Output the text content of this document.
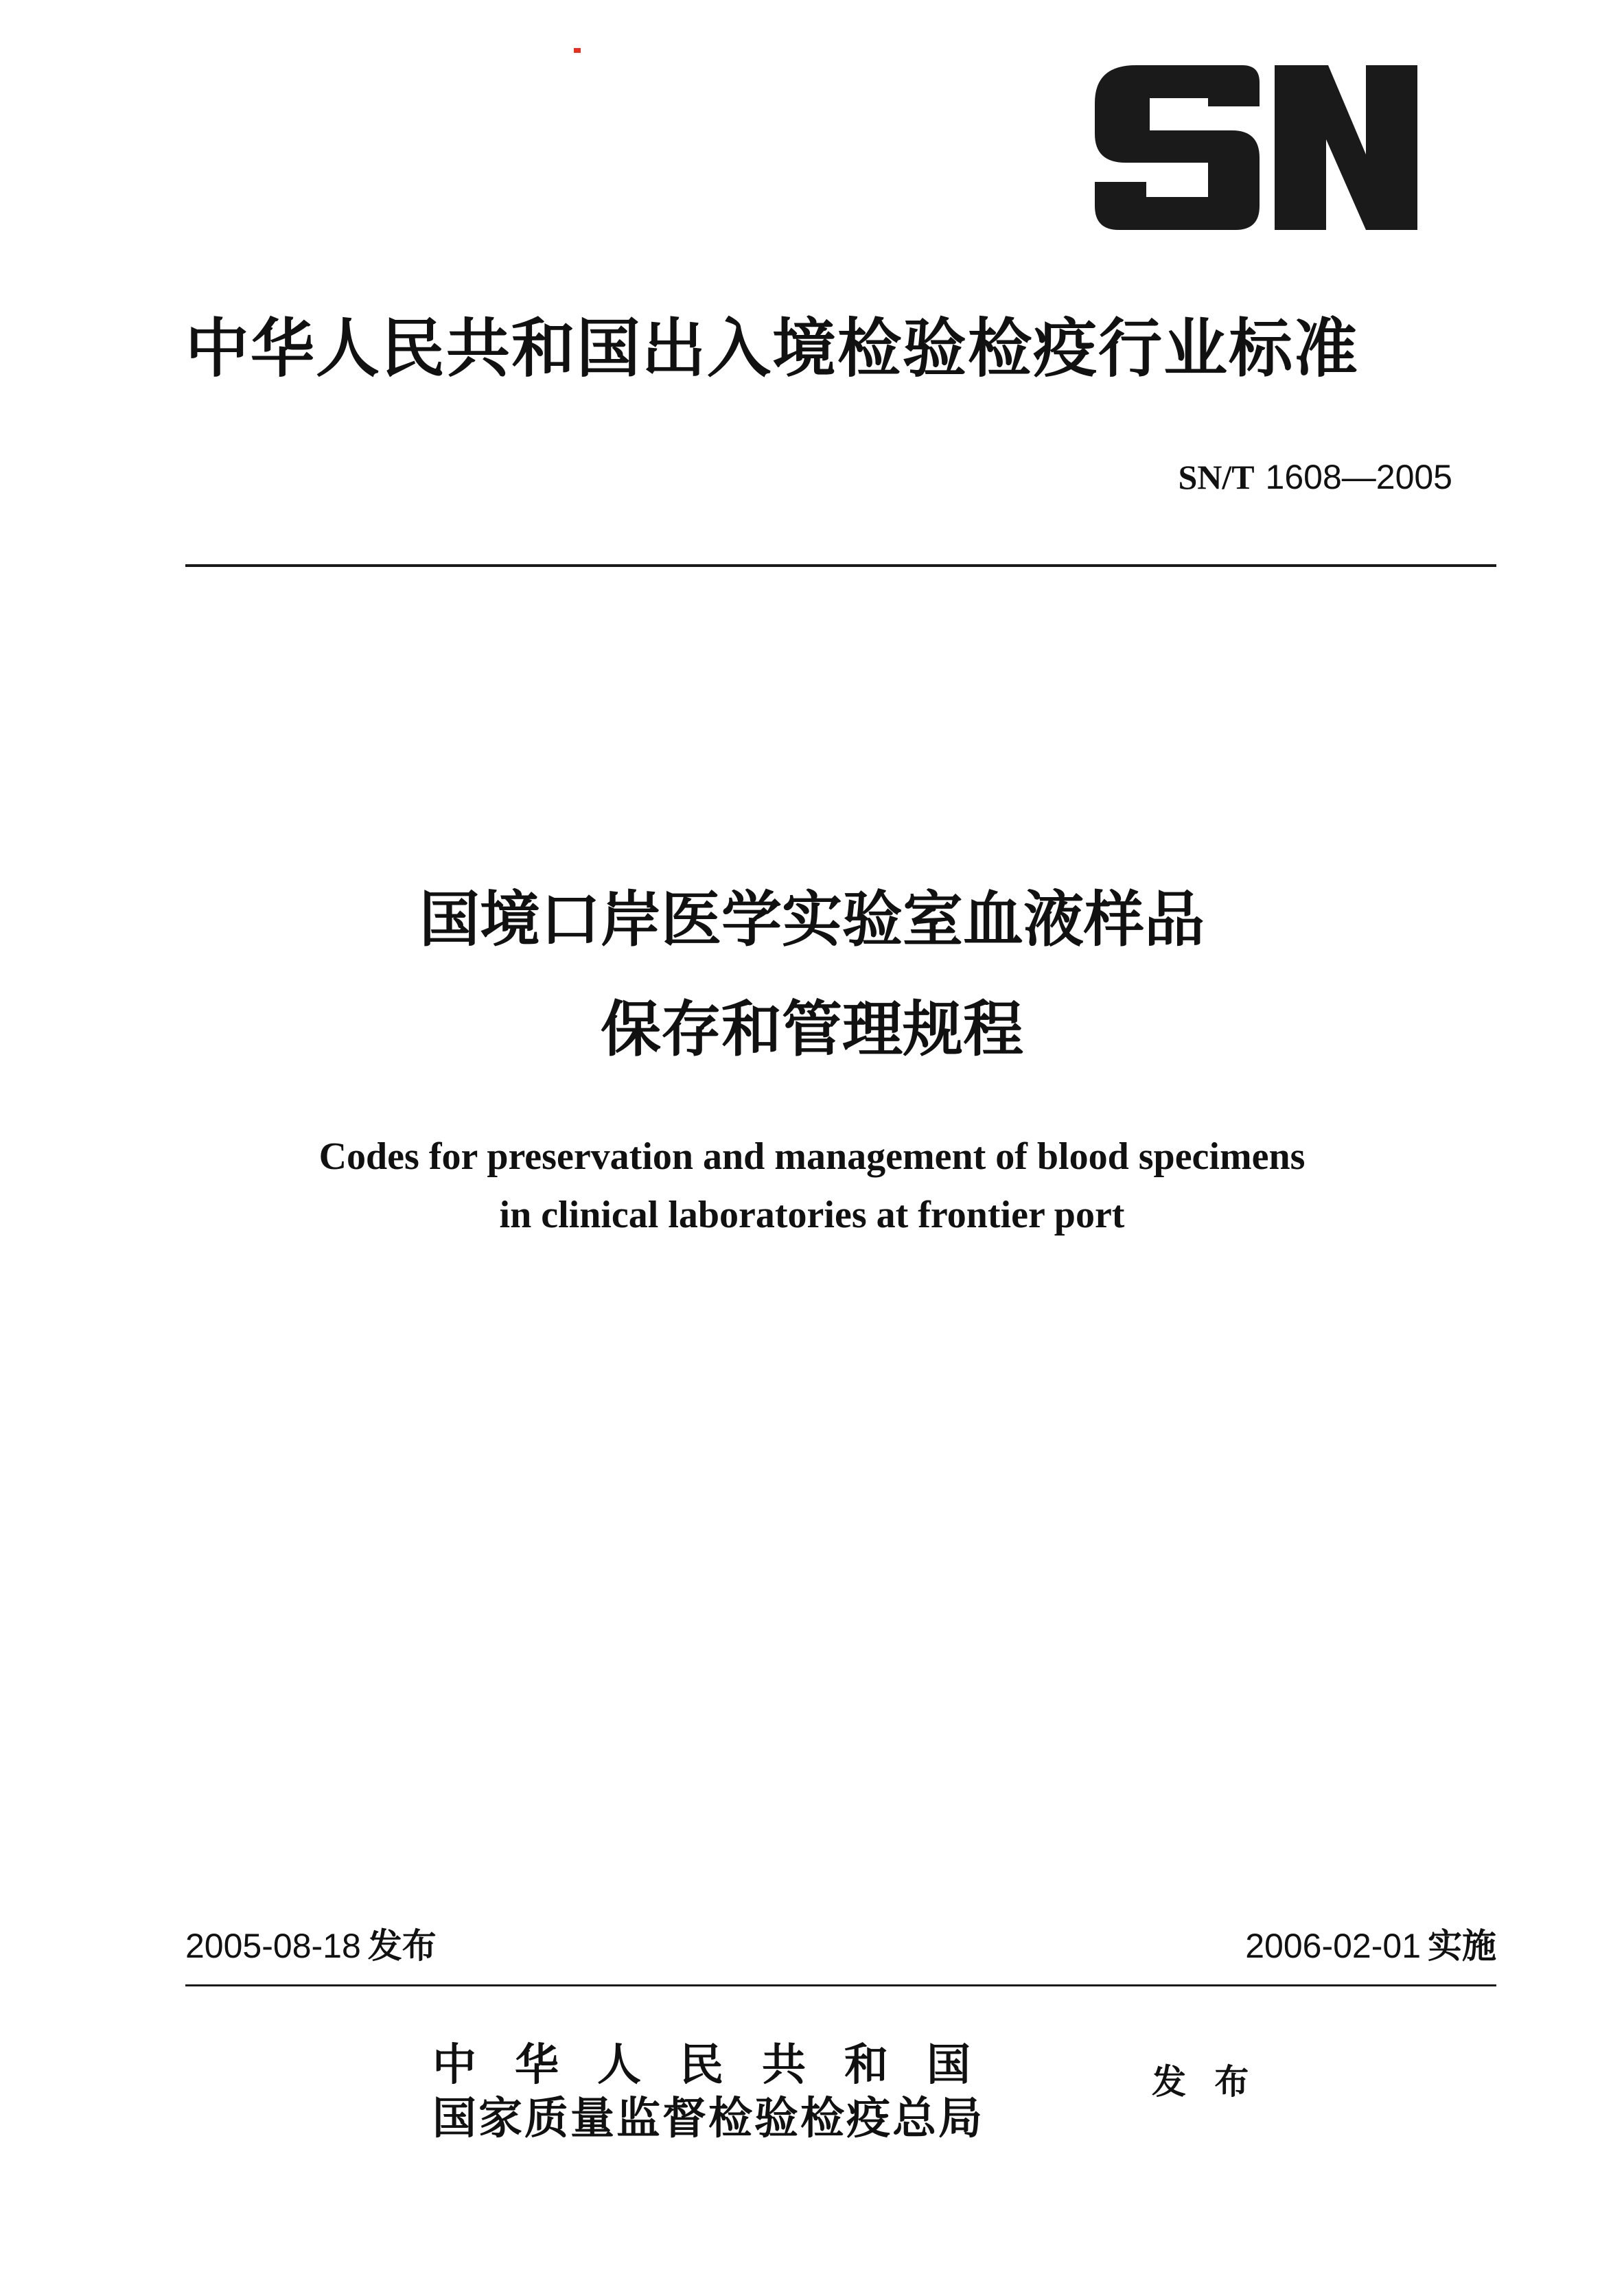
中华人民共和国出入境检验检疫行业标准
SN/T 1608—2005
国境口岸医学实验室血液样品
保存和管理规程
Codes for preservation and management of blood specimens
in clinical laboratories at frontier port
2005-08-18 发布	2006-02-01 实施
中华人民共和国
国家质量监督检验检疫总局
发 布
